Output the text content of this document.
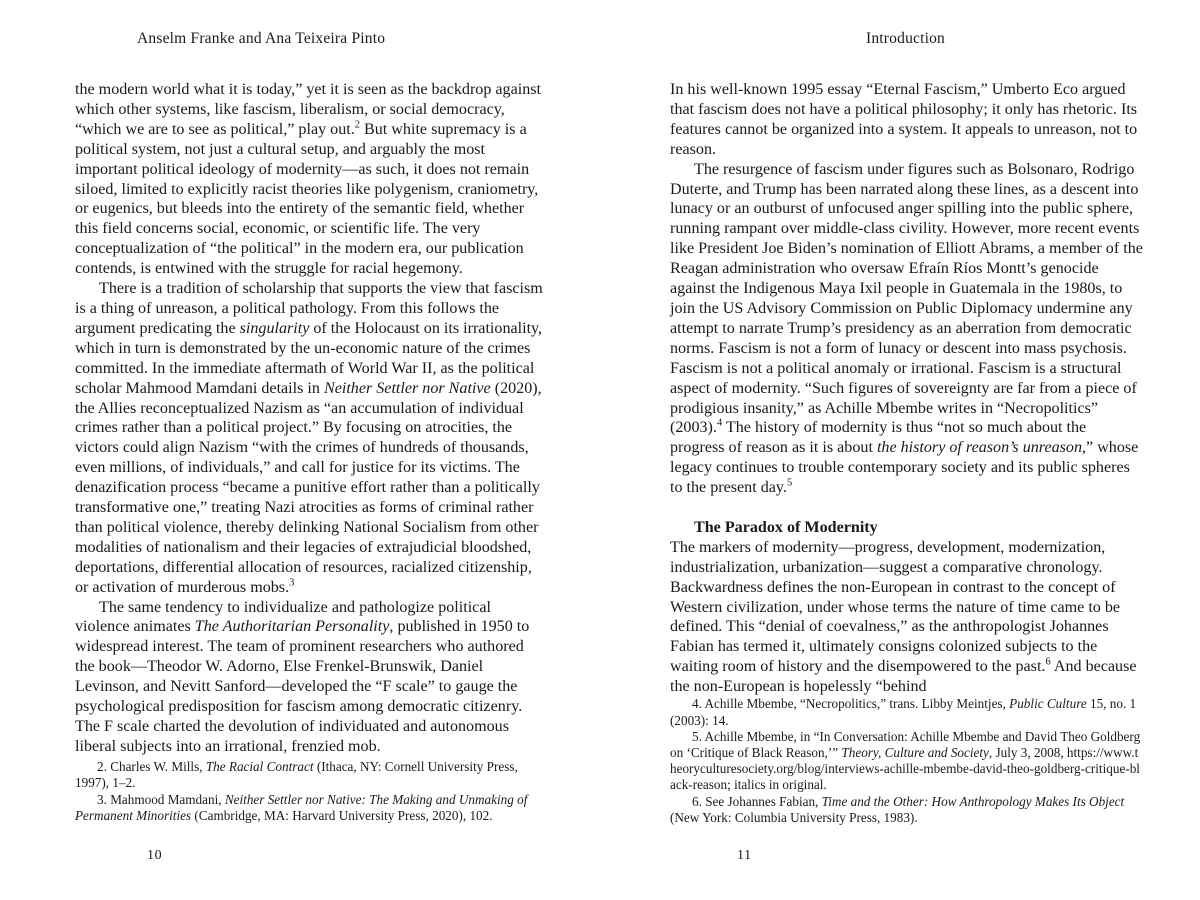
Anselm Franke and Ana Teixeira Pinto

the modern world what it is today,” yet it is seen as the backdrop against which other systems, like fascism, liberalism, or social democracy, “which we are to see as political,” play out.$^2$ But white supremacy is a political system, not just a cultural setup, and arguably the most important political ideology of modernity—as such, it does not remain siloed, limited to explicitly racist theories like polygenism, craniometry, or eugenics, but bleeds into the entirety of the semantic field, whether this field concerns social, economic, or scientific life. The very conceptualization of “the political” in the modern era, our publication contends, is entwined with the struggle for racial hegemony.

There is a tradition of scholarship that supports the view that fascism is a thing of unreason, a political pathology. From this follows the argument predicating the singularity of the Holocaust on its irrationality, which in turn is demonstrated by the un-economic nature of the crimes committed. In the immediate aftermath of World War II, as the political scholar Mahmood Mamdani details in Neither Settler nor Native (2020), the Allies reconceptualized Nazism as “an accumulation of individual crimes rather than a political project.” By focusing on atrocities, the victors could align Nazism “with the crimes of hundreds of thousands, even millions, of individuals,” and call for justice for its victims. The denazification process “became a punitive effort rather than a politically transformative one,” treating Nazi atrocities as forms of criminal rather than political violence, thereby delinking National Socialism from other modalities of nationalism and their legacies of extrajudicial bloodshed, deportations, differential allocation of resources, racialized citizenship, or activation of murderous mobs.$^3$

The same tendency to individualize and pathologize political violence animates The Authoritarian Personality, published in 1950 to widespread interest. The team of prominent researchers who authored the book—Theodor W. Adorno, Else Frenkel-Brunswik, Daniel Levinson, and Nevitt Sanford—developed the “F scale” to gauge the psychological predisposition for fascism among democratic citizenry. The F scale charted the devolution of individuated and autonomous liberal subjects into an irrational, frenzied mob.

2. Charles W. Mills, The Racial Contract (Ithaca, NY: Cornell University Press, 1997), 1–2.

3. Mahmood Mamdani, Neither Settler nor Native: The Making and Unmaking of Permanent Minorities (Cambridge, MA: Harvard University Press, 2020), 102.

10
Introduction

In his well-known 1995 essay “Eternal Fascism,” Umberto Eco argued that fascism does not have a political philosophy; it only has rhetoric. Its features cannot be organized into a system. It appeals to unreason, not to reason.

The resurgence of fascism under figures such as Bolsonaro, Rodrigo Duterte, and Trump has been narrated along these lines, as a descent into lunacy or an outburst of unfocused anger spilling into the public sphere, running rampant over middle-class civility. However, more recent events like President Joe Biden’s nomination of Elliott Abrams, a member of the Reagan administration who oversaw Efraín Ríos Montt’s genocide against the Indigenous Maya Ixil people in Guatemala in the 1980s, to join the US Advisory Commission on Public Diplomacy undermine any attempt to narrate Trump’s presidency as an aberration from democratic norms. Fascism is not a form of lunacy or descent into mass psychosis. Fascism is not a political anomaly or irrational. Fascism is a structural aspect of modernity. “Such figures of sovereignty are far from a piece of prodigious insanity,” as Achille Mbembe writes in “Necropolitics” (2003).$^4$ The history of modernity is thus “not so much about the progress of reason as it is about the history of reason’s unreason,” whose legacy continues to trouble contemporary society and its public spheres to the present day.$^5$

The Paradox of Modernity

The markers of modernity—progress, development, modernization, industrialization, urbanization—suggest a comparative chronology. Backwardness defines the non-European in contrast to the concept of Western civilization, under whose terms the nature of time came to be defined. This “denial of coevalness,” as the anthropologist Johannes Fabian has termed it, ultimately consigns colonized subjects to the waiting room of history and the disempowered to the past.$^6$ And because the non-European is hopelessly “behind

4. Achille Mbembe, “Necropolitics,” trans. Libby Meintjes, Public Culture 15, no. 1 (2003): 14.

5. Achille Mbembe, in “In Conversation: Achille Mbembe and David Theo Goldberg on ‘Critique of Black Reason,’” Theory, Culture and Society, July 3, 2008, https://www.theoryculturesociety.org/blog/interviews-achille-mbembe-david-theo-goldberg-critique-black-reason; italics in original.

6. See Johannes Fabian, Time and the Other: How Anthropology Makes Its Object (New York: Columbia University Press, 1983).

11
